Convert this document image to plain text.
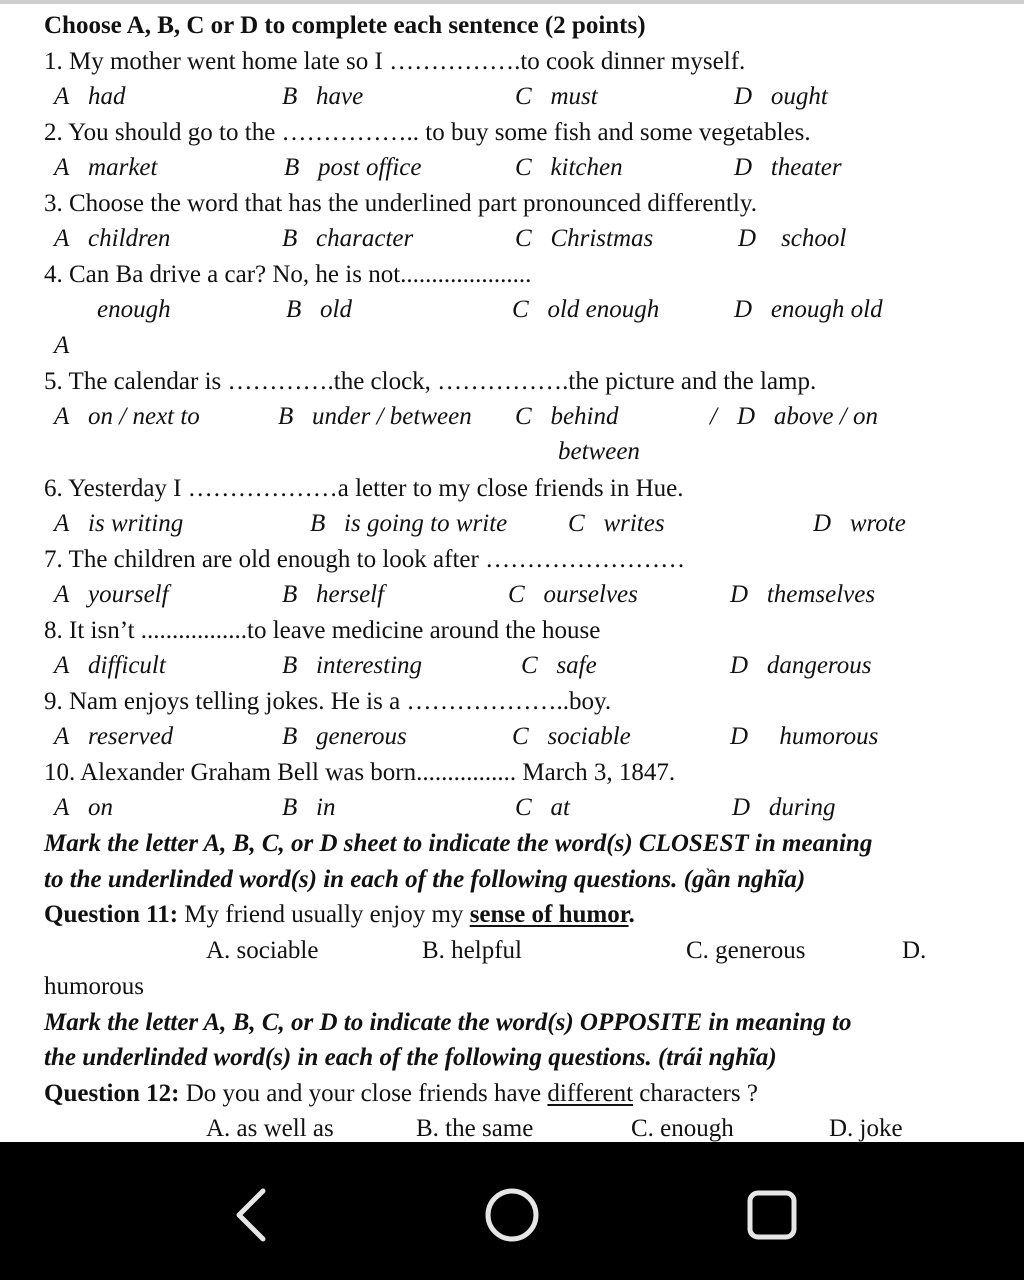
Choose A, B, C or D to complete each sentence (2 points)
1. My mother went home late so I …………….to cook dinner myself.
A had	B have	C must	D ought
2. You should go to the …………….. to buy some fish and some vegetables.
A market	B post office	C kitchen	D theater
3. Choose the word that has the underlined part pronounced differently.
A children	B character	C Christmas	D school
4. Can Ba drive a car? No, he is not.....................
enough
A
B old	C old enough	D enough old
5. The calendar is ………….the clock, …………….the picture and the lamp.
A on / next to	B under / between C behind	/ D above / on
between
6. Yesterday I ………………a letter to my close friends in Hue.
A is writing	B is going to write C writes	D wrote
7. The children are old enough to look after ……………………
A yourself	B herself	C ourselves	D themselves
8. It isn’t .................to leave medicine around the house
A difficult	B interesting	C safe	D dangerous
9. Nam enjoys telling jokes. He is a ………………..boy.
A reserved	B generous	C sociable	D humorous
10. Alexander Graham Bell was born................ March 3, 1847.
A on	B in	C at	D during
Mark the letter A, B, C, or D sheet to indicate the word(s) CLOSEST in meaning
to the underlinded word(s) in each of the following questions. (gần nghĩa)
Question 11: My friend usually enjoy my sense of humor.
A. sociable	B. helpful	C. generous	D.
humorous
Mark the letter A, B, C, or D to indicate the word(s) OPPOSITE in meaning to
the underlinded word(s) in each of the following questions. (trái nghĩa)
Question 12: Do you and your close friends have different characters ?
A. as well as	B. the same	C. enough	D. joke
